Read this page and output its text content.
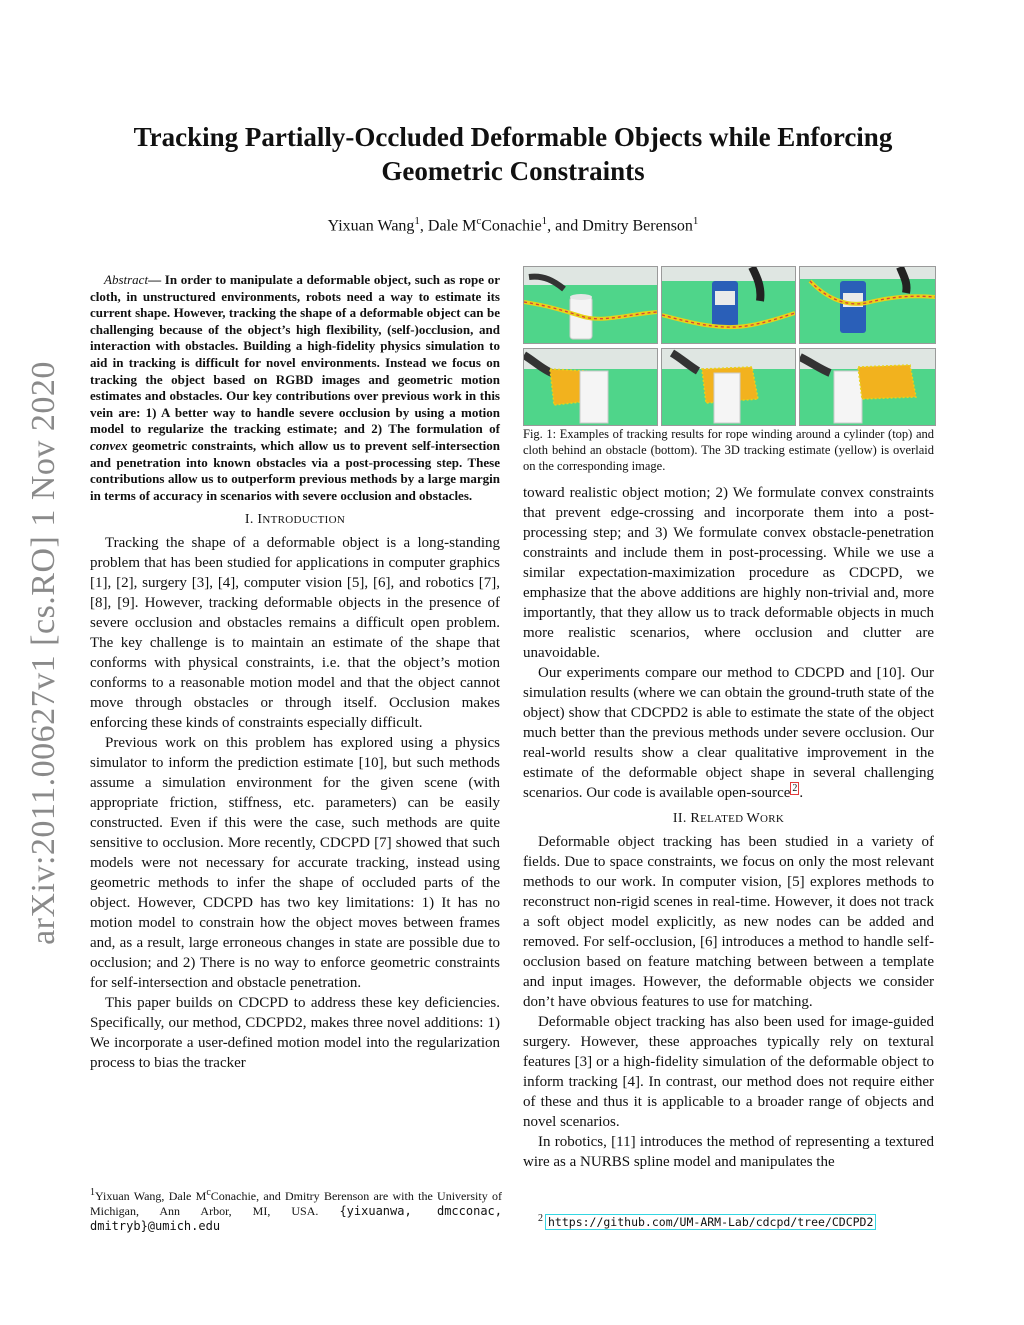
arXiv:2011.00627v1 [cs.RO] 1 Nov 2020
Tracking Partially-Occluded Deformable Objects while Enforcing Geometric Constraints
Yixuan Wang$^1$, Dale $M^cConachie^1$, and Dmitry Berenson$^1$

Abstract— In order to manipulate a deformable object, such as rope or cloth, in unstructured environments, robots need a way to estimate its current shape. However, tracking the shape of a deformable object can be challenging because of the object’s high flexibility, (self-)occlusion, and interaction with obstacles. Building a high-fidelity physics simulation to aid in tracking is difficult for novel environments. Instead we focus on tracking the object based on RGBD images and geometric motion estimates and obstacles. Our key contributions over previous work in this vein are: 1) A better way to handle severe occlusion by using a motion model to regularize the tracking estimate; and 2) The formulation of convex geometric constraints, which allow us to prevent self-intersection and penetration into known obstacles via a post-processing step. These contributions allow us to outperform previous methods by a large margin in terms of accuracy in scenarios with severe occlusion and obstacles.

I. INTRODUCTION

Tracking the shape of a deformable object is a long-standing problem that has been studied for applications in computer graphics [1], [2], surgery [3], [4], computer vision [5], [6], and robotics [7], [8], [9]. However, tracking deformable objects in the presence of severe occlusion and obstacles remains a difficult open problem. The key challenge is to maintain an estimate of the shape that conforms with physical constraints, i.e. that the object’s motion conforms to a reasonable motion model and that the object cannot move through obstacles or through itself. Occlusion makes enforcing these kinds of constraints especially difficult.

Previous work on this problem has explored using a physics simulator to inform the prediction estimate [10], but such methods assume a simulation environment for the given scene (with appropriate friction, stiffness, etc. parameters) can be easily constructed. Even if this were the case, such methods are quite sensitive to occlusion. More recently, CDCPD [7] showed that such models were not necessary for accurate tracking, instead using geometric methods to infer the shape of occluded parts of the object. However, CDCPD has two key limitations: 1) It has no motion model to constrain how the object moves between frames and, as a result, large erroneous changes in state are possible due to occlusion; and 2) There is no way to enforce geometric constraints for self-intersection and obstacle penetration.

This paper builds on CDCPD to address these key deficiencies. Specifically, our method, CDCPD2, makes three novel additions: 1) We incorporate a user-defined motion model into the regularization process to bias the tracker

Fig. 1: Examples of tracking results for rope winding around a cylinder (top) and cloth behind an obstacle (bottom). The 3D tracking estimate (yellow) is overlaid on the corresponding image.

toward realistic object motion; 2) We formulate convex constraints that prevent edge-crossing and incorporate them into a post-processing step; and 3) We formulate convex obstacle-penetration constraints and include them in post-processing. While we use a similar expectation-maximization procedure as CDCPD, we emphasize that the above additions are highly non-trivial and, more importantly, that they allow us to track deformable objects in much more realistic scenarios, where occlusion and clutter are unavoidable.

Our experiments compare our method to CDCPD and [10]. Our simulation results (where we can obtain the ground-truth state of the object) show that CDCPD2 is able to estimate the state of the object much better than the previous methods under severe occlusion. Our real-world results show a clear qualitative improvement in the estimate of the deformable object shape in several challenging scenarios. Our code is available open-source $^2$ .

II. RELATED WORK

Deformable object tracking has been studied in a variety of fields. Due to space constraints, we focus on only the most relevant methods to our work. In computer vision, [5] explores methods to reconstruct non-rigid scenes in real-time. However, it does not track a soft object model explicitly, as new nodes can be added and removed. For self-occlusion, [6] introduces a method to handle self-occlusion based on feature matching between between a template and input images. However, the deformable objects we consider don’t have obvious features to use for matching.

Deformable object tracking has also been used for image-guided surgery. However, these approaches typically rely on textural features [3] or a high-fidelity simulation of the deformable object to inform tracking [4]. In contrast, our method does not require either of these and thus it is applicable to a broader range of objects and novel scenarios.

In robotics, [11] introduces the method of representing a textured wire as a NURBS spline model and manipulates the

$^1$Yixuan Wang, Dale $M^cConachie$, and Dmitry Berenson are with the University of Michigan, Ann Arbor, MI, USA. {yixuanwa, dmcconac, dmitryb}@umich.edu
$^2$ https://github.com/UM-ARM-Lab/cdcpd/tree/CDCPD2
